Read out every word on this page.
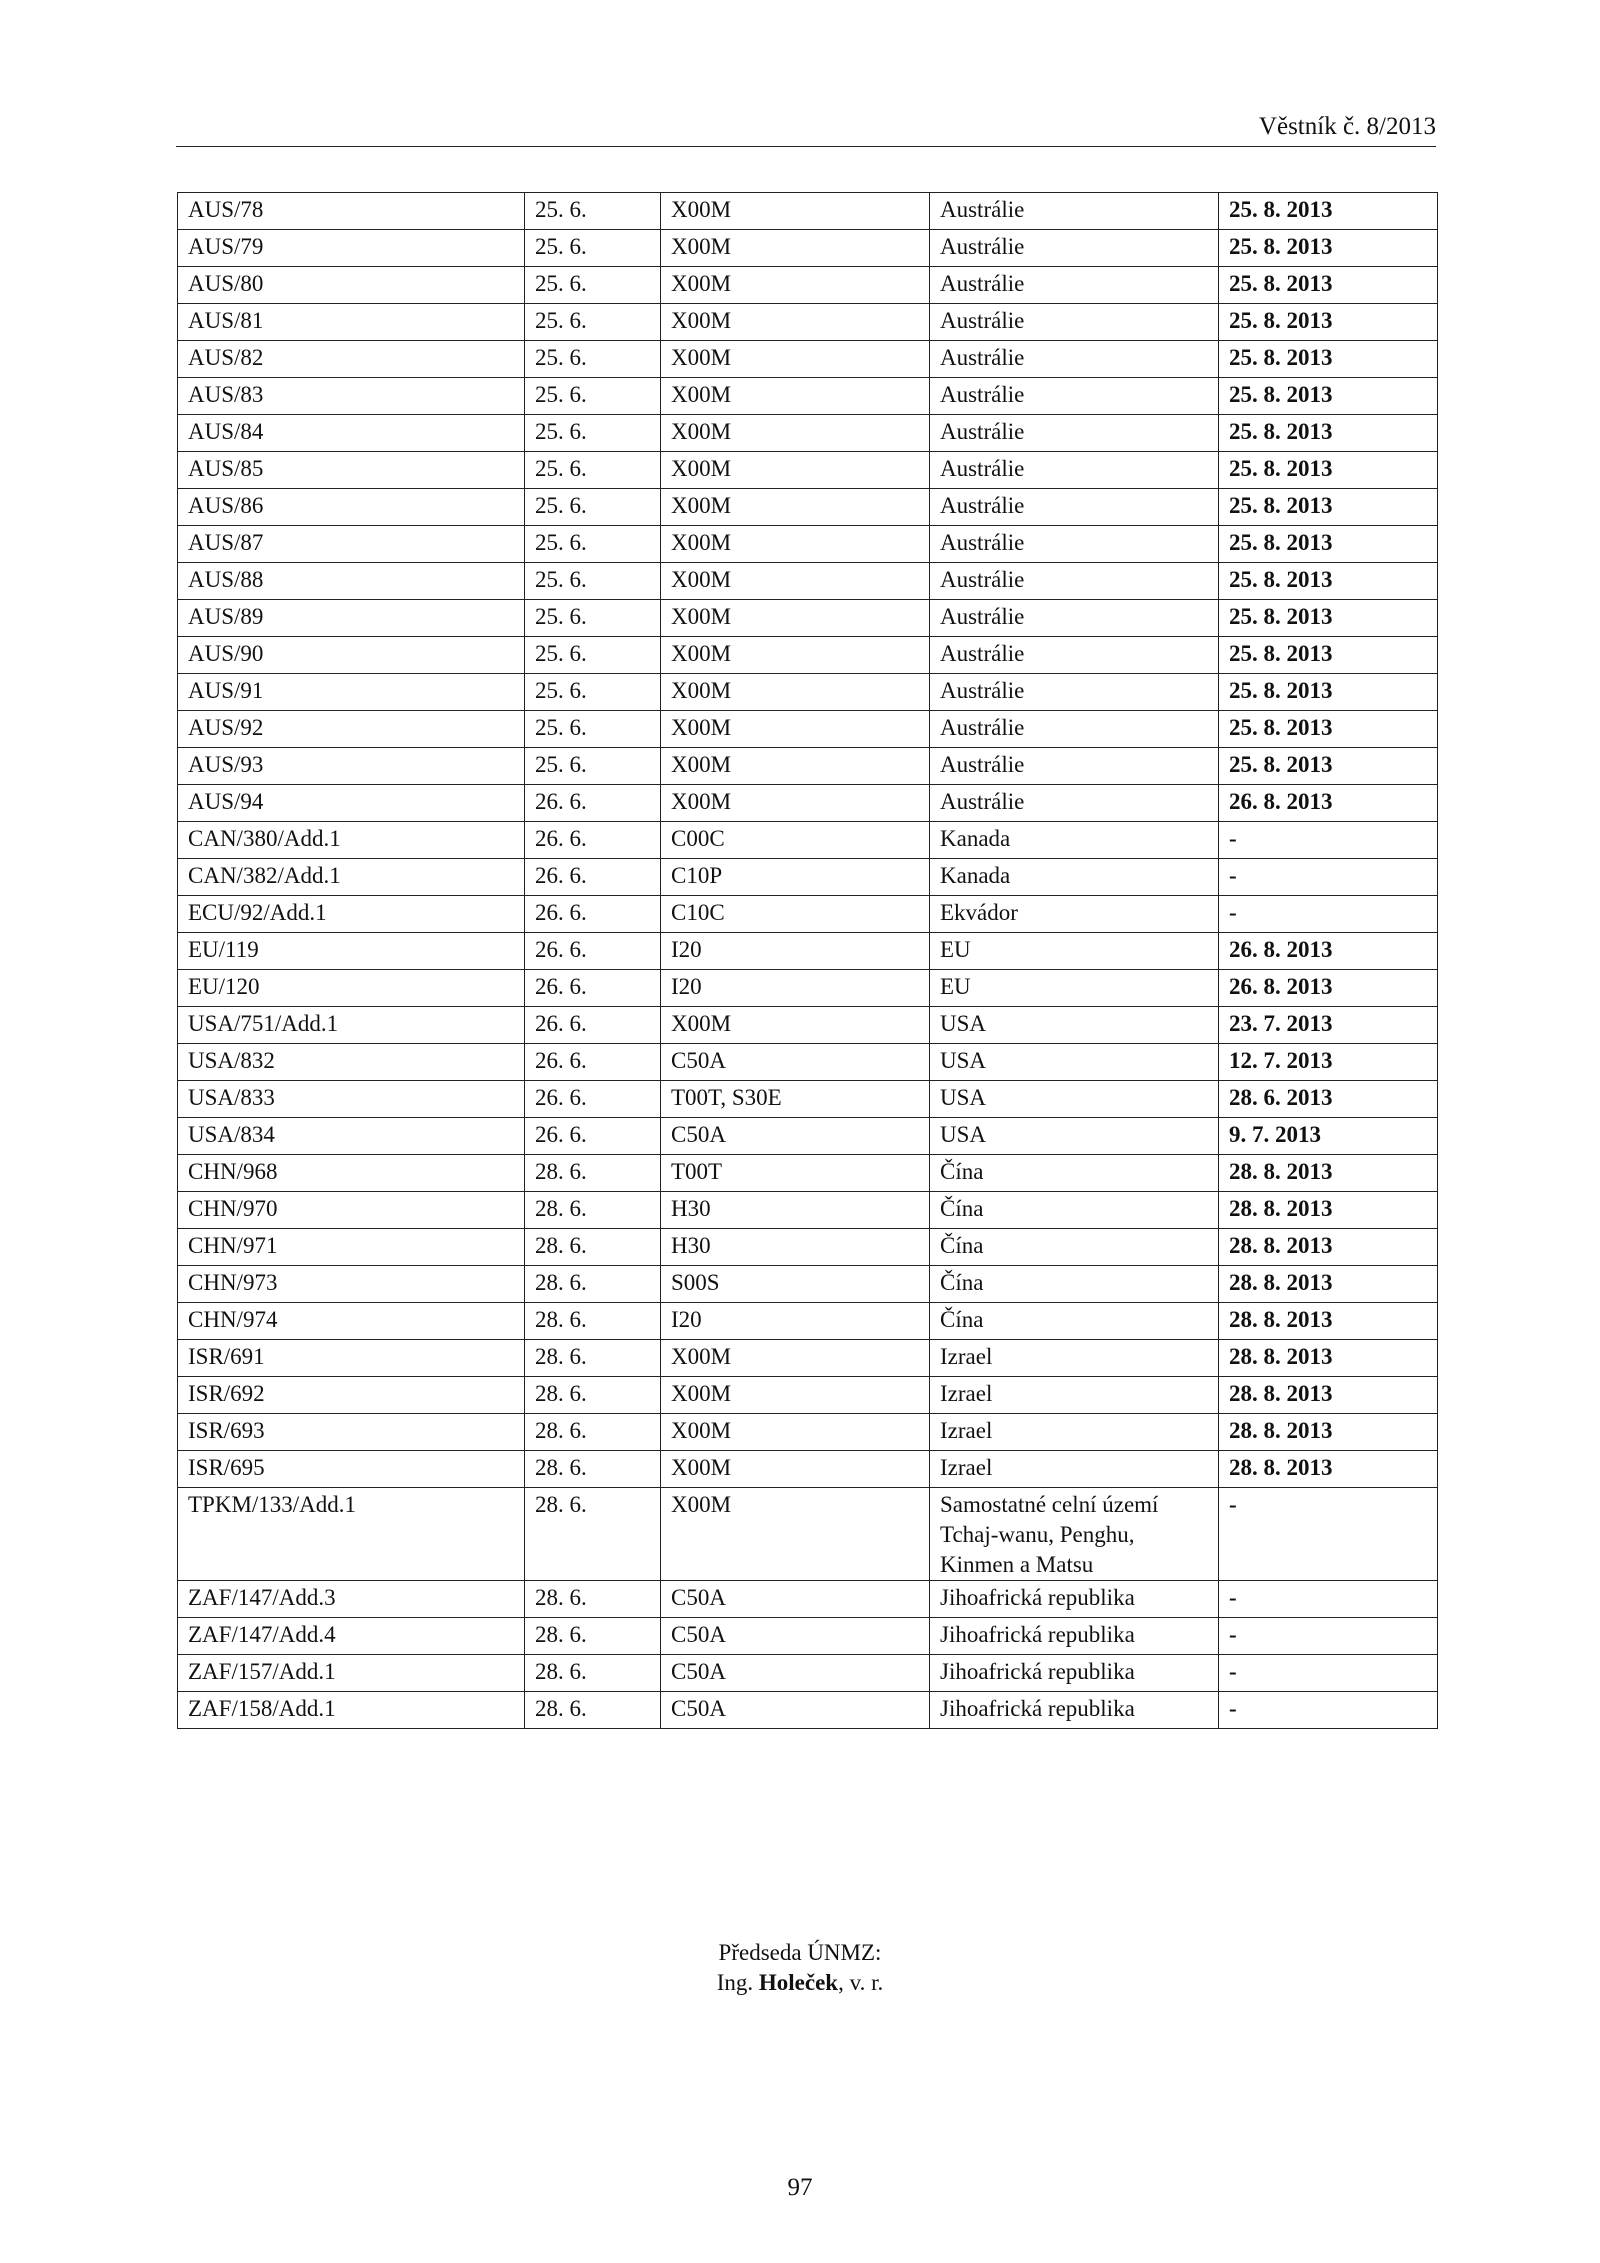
Věstník č. 8/2013
AUS/78	25. 6.	X00M	Austrálie	25. 8. 2013
AUS/79	25. 6.	X00M	Austrálie	25. 8. 2013
AUS/80	25. 6.	X00M	Austrálie	25. 8. 2013
AUS/81	25. 6.	X00M	Austrálie	25. 8. 2013
AUS/82	25. 6.	X00M	Austrálie	25. 8. 2013
AUS/83	25. 6.	X00M	Austrálie	25. 8. 2013
AUS/84	25. 6.	X00M	Austrálie	25. 8. 2013
AUS/85	25. 6.	X00M	Austrálie	25. 8. 2013
AUS/86	25. 6.	X00M	Austrálie	25. 8. 2013
AUS/87	25. 6.	X00M	Austrálie	25. 8. 2013
AUS/88	25. 6.	X00M	Austrálie	25. 8. 2013
AUS/89	25. 6.	X00M	Austrálie	25. 8. 2013
AUS/90	25. 6.	X00M	Austrálie	25. 8. 2013
AUS/91	25. 6.	X00M	Austrálie	25. 8. 2013
AUS/92	25. 6.	X00M	Austrálie	25. 8. 2013
AUS/93	25. 6.	X00M	Austrálie	25. 8. 2013
AUS/94	26. 6.	X00M	Austrálie	26. 8. 2013
CAN/380/Add.1	26. 6.	C00C	Kanada	-
CAN/382/Add.1	26. 6.	C10P	Kanada	-
ECU/92/Add.1	26. 6.	C10C	Ekvádor	-
EU/119	26. 6.	I20	EU	26. 8. 2013
EU/120	26. 6.	I20	EU	26. 8. 2013
USA/751/Add.1	26. 6.	X00M	USA	23. 7. 2013
USA/832	26. 6.	C50A	USA	12. 7. 2013
USA/833	26. 6.	T00T, S30E	USA	28. 6. 2013
USA/834	26. 6.	C50A	USA	9. 7. 2013
CHN/968	28. 6.	T00T	Čína	28. 8. 2013
CHN/970	28. 6.	H30	Čína	28. 8. 2013
CHN/971	28. 6.	H30	Čína	28. 8. 2013
CHN/973	28. 6.	S00S	Čína	28. 8. 2013
CHN/974	28. 6.	I20	Čína	28. 8. 2013
ISR/691	28. 6.	X00M	Izrael	28. 8. 2013
ISR/692	28. 6.	X00M	Izrael	28. 8. 2013
ISR/693	28. 6.	X00M	Izrael	28. 8. 2013
ISR/695	28. 6.	X00M	Izrael	28. 8. 2013
TPKM/133/Add.1	28. 6.	X00M	Samostatné celní území Tchaj-wanu, Penghu, Kinmen a Matsu	-
ZAF/147/Add.3	28. 6.	C50A	Jihoafrická republika	-
ZAF/147/Add.4	28. 6.	C50A	Jihoafrická republika	-
ZAF/157/Add.1	28. 6.	C50A	Jihoafrická republika	-
ZAF/158/Add.1	28. 6.	C50A	Jihoafrická republika	-
Předseda ÚNMZ:
Ing. Holeček, v. r.
97
